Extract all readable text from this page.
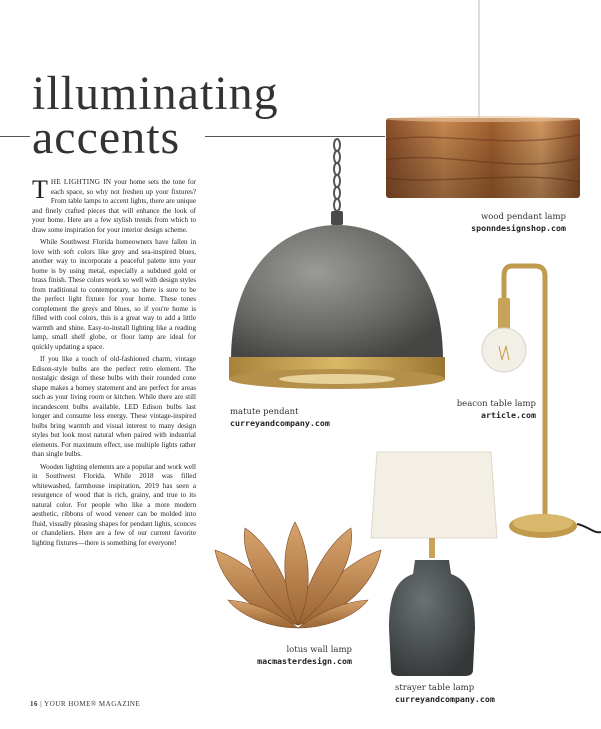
illuminating
accents

THE LIGHTING IN your home sets the tone for each space, so why not freshen up your fixtures? From table lamps to accent lights, there are unique and finely crafted pieces that will enhance the look of your home. Here are a few stylish trends from which to draw some inspiration for your interior design scheme.

While Southwest Florida homeowners have fallen in love with soft colors like grey and sea-inspired blues, another way to incorporate a peaceful palette into your home is by using metal, especially a subdued gold or brass finish. These colors work so well with design styles from traditional to contemporary, so there is sure to be the perfect light fixture for your home. These tones complement the greys and blues, so if you're home is filled with cool colors, this is a great way to add a little warmth and shine. Easy-to-install lighting like a reading lamp, small shelf globe, or floor lamp are ideal for quickly updating a space.

If you like a touch of old-fashioned charm, vintage Edison-style bulbs are the perfect retro element. The nostalgic design of these bulbs with their rounded cone shape makes a homey statement and are perfect for areas such as your living room or kitchen. While there are still incandescent bulbs available, LED Edison bulbs last longer and consume less energy. These vintage-inspired bulbs bring warmth and visual interest to many design styles but look most natural when paired with industrial elements. For maximum effect, use multiple lights rather than single bulbs.

Wooden lighting elements are a popular and work well in Southwest Florida. While 2018 was filled whitewashed, farmhouse inspiration, 2019 has seen a resurgence of wood that is rich, grainy, and true to its natural color. For people who like a more modern aesthetic, ribbons of wood veneer can be molded into fluid, visually pleasing shapes for pendant lights, sconces or chandeliers. Here are a few of our current favorite lighting fixtures—there is something for everyone!

wood pendant lamp
sponndesignshop.com
matute pendant
curreyandcompany.com
beacon table lamp
article.com
strayer table lamp
curreyandcompany.com
lotus wall lamp
macmasterdesign.com
16 | YOUR HOME® MAGAZINE
